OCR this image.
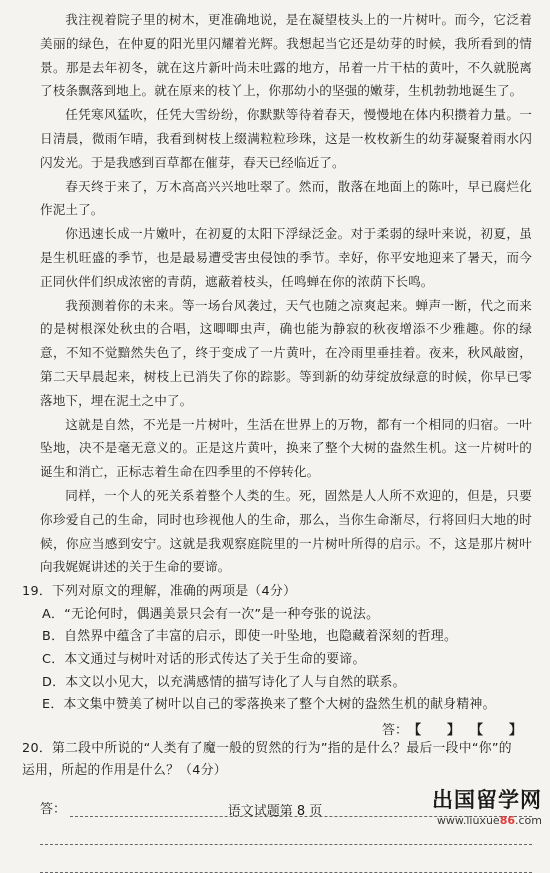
我注视着院子里的树木，更准确地说，是在凝望枝头上的一片树叶。而今，它泛着美丽的绿色，在仲夏的阳光里闪耀着光辉。我想起当它还是幼芽的时候，我所看到的情景。那是去年初冬，就在这片新叶尚未吐露的地方，吊着一片干枯的黄叶，不久就脱离了枝条飘落到地上。就在原来的枝丫上，你那幼小的坚强的嫩芽，生机勃勃地诞生了。

任凭寒风猛吹，任凭大雪纷纷，你默默等待着春天，慢慢地在体内积攒着力量。一日清晨，微雨乍晴，我看到树枝上缀满粒粒珍珠，这是一枚枚新生的幼芽凝聚着雨水闪闪发光。于是我感到百草都在催芽，春天已经临近了。

春天终于来了，万木高高兴兴地吐翠了。然而，散落在地面上的陈叶，早已腐烂化作泥土了。

你迅速长成一片嫩叶，在初夏的太阳下浮绿泛金。对于柔弱的绿叶来说，初夏，虽是生机旺盛的季节，也是最易遭受害虫侵蚀的季节。幸好，你平安地迎来了暑天，而今正同伙伴们织成浓密的青荫，遮蔽着枝头，任鸣蝉在你的浓荫下长鸣。

我预测着你的未来。等一场台风袭过，天气也随之凉爽起来。蝉声一断，代之而来的是树根深处秋虫的合唱，这唧唧虫声，确也能为静寂的秋夜增添不少雅趣。你的绿意，不知不觉黯然失色了，终于变成了一片黄叶，在冷雨里垂挂着。夜来，秋风敲窗，第二天早晨起来，树枝上已消失了你的踪影。等到新的幼芽绽放绿意的时候，你早已零落地下，埋在泥土之中了。

这就是自然，不光是一片树叶，生活在世界上的万物，都有一个相同的归宿。一叶坠地，决不是毫无意义的。正是这片黄叶，换来了整个大树的盎然生机。这一片树叶的诞生和消亡，正标志着生命在四季里的不停转化。

同样，一个人的死关系着整个人类的生。死，固然是人人所不欢迎的，但是，只要你珍爱自己的生命，同时也珍视他人的生命，那么，当你生命渐尽，行将回归大地的时候，你应当感到安宁。这就是我观察庭院里的一片树叶所得的启示。不，这是那片树叶向我娓娓讲述的关于生命的要谛。

19．下列对原文的理解，准确的两项是（4分）

A．“无论何时，偶遇美景只会有一次”是一种夸张的说法。

B．自然界中蕴含了丰富的启示，即使一叶坠地，也隐藏着深刻的哲理。

C．本文通过与树叶对话的形式传达了关于生命的要谛。

D．本文以小见大，以充满感情的描写诗化了人与自然的联系。

E．本文集中赞美了树叶以自己的零落换来了整个大树的盎然生机的献身精神。

答： 【　　】 【　　】

20．第二段中所说的“人类有了魔一般的贸然的行为”指的是什么？最后一段中“你”的运用，所起的作用是什么？（4分）

答：	语文试题第 8 页	出国留学网
www.liuxue86.com
